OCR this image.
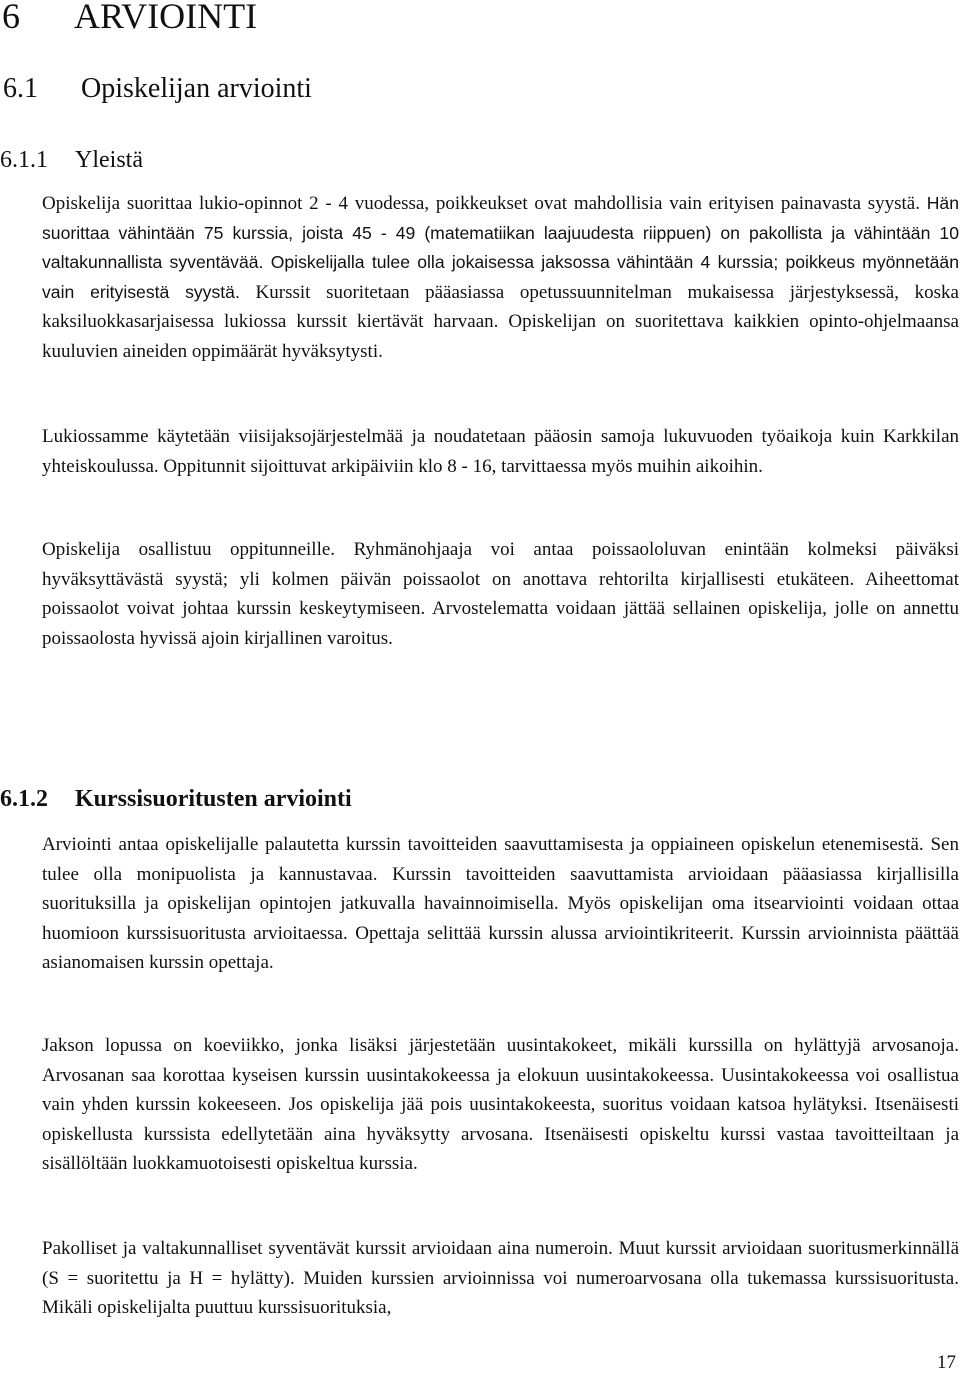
6 ARVIOINTI
6.1 Opiskelijan arviointi
6.1.1 Yleistä

Opiskelija suorittaa lukio-opinnot 2 - 4 vuodessa, poikkeukset ovat mahdollisia vain erityisen painavasta syystä. Hän suorittaa vähintään 75 kurssia, joista 45 - 49 (matematiikan laajuudesta riippuen) on pakollista ja vähintään 10 valtakunnallista syventävää. Opiskelijalla tulee olla jokaisessa jaksossa vähintään 4 kurssia; poikkeus myönnetään vain erityisestä syystä. Kurssit suoritetaan pääasiassa opetussuunnitelman mukaisessa järjestyksessä, koska kaksiluokkasarjaisessa lukiossa kurssit kiertävät harvaan. Opiskelijan on suoritettava kaikkien opinto-ohjelmaansa kuuluvien aineiden oppimäärät hyväksytysti.

Lukiossamme käytetään viisijaksojärjestelmää ja noudatetaan pääosin samoja lukuvuoden työaikoja kuin Karkkilan yhteiskoulussa. Oppitunnit sijoittuvat arkipäiviin klo 8 - 16, tarvittaessa myös muihin aikoihin.

Opiskelija osallistuu oppitunneille. Ryhmänohjaaja voi antaa poissaololuvan enintään kolmeksi päiväksi hyväksyttävästä syystä; yli kolmen päivän poissaolot on anottava rehtorilta kirjallisesti etukäteen. Aiheettomat poissaolot voivat johtaa kurssin keskeytymiseen. Arvostelematta voidaan jättää sellainen opiskelija, jolle on annettu poissaolosta hyvissä ajoin kirjallinen varoitus.

6.1.2 Kurssisuoritusten arviointi

Arviointi antaa opiskelijalle palautetta kurssin tavoitteiden saavuttamisesta ja oppiaineen opiskelun etenemisestä. Sen tulee olla monipuolista ja kannustavaa. Kurssin tavoitteiden saavuttamista arvioidaan pääasiassa kirjallisilla suorituksilla ja opiskelijan opintojen jatkuvalla havainnoimisella. Myös opiskelijan oma itsearviointi voidaan ottaa huomioon kurssisuoritusta arvioitaessa. Opettaja selittää kurssin alussa arviointikriteerit. Kurssin arvioinnista päättää asianomaisen kurssin opettaja.

Jakson lopussa on koeviikko, jonka lisäksi järjestetään uusintakokeet, mikäli kurssilla on hylättyjä arvosanoja. Arvosanan saa korottaa kyseisen kurssin uusintakokeessa ja elokuun uusintakokeessa. Uusintakokeessa voi osallistua vain yhden kurssin kokeeseen. Jos opiskelija jää pois uusintakokeesta, suoritus voidaan katsoa hylätyksi. Itsenäisesti opiskellusta kurssista edellytetään aina hyväksytty arvosana. Itsenäisesti opiskeltu kurssi vastaa tavoitteiltaan ja sisällöltään luokkamuotoisesti opiskeltua kurssia.

Pakolliset ja valtakunnalliset syventävät kurssit arvioidaan aina numeroin. Muut kurssit arvioidaan suoritusmerkinnällä (S = suoritettu ja H = hylätty). Muiden kurssien arvioinnissa voi numeroarvosana olla tukemassa kurssisuoritusta. Mikäli opiskelijalta puuttuu kurssisuorituksia,

17
